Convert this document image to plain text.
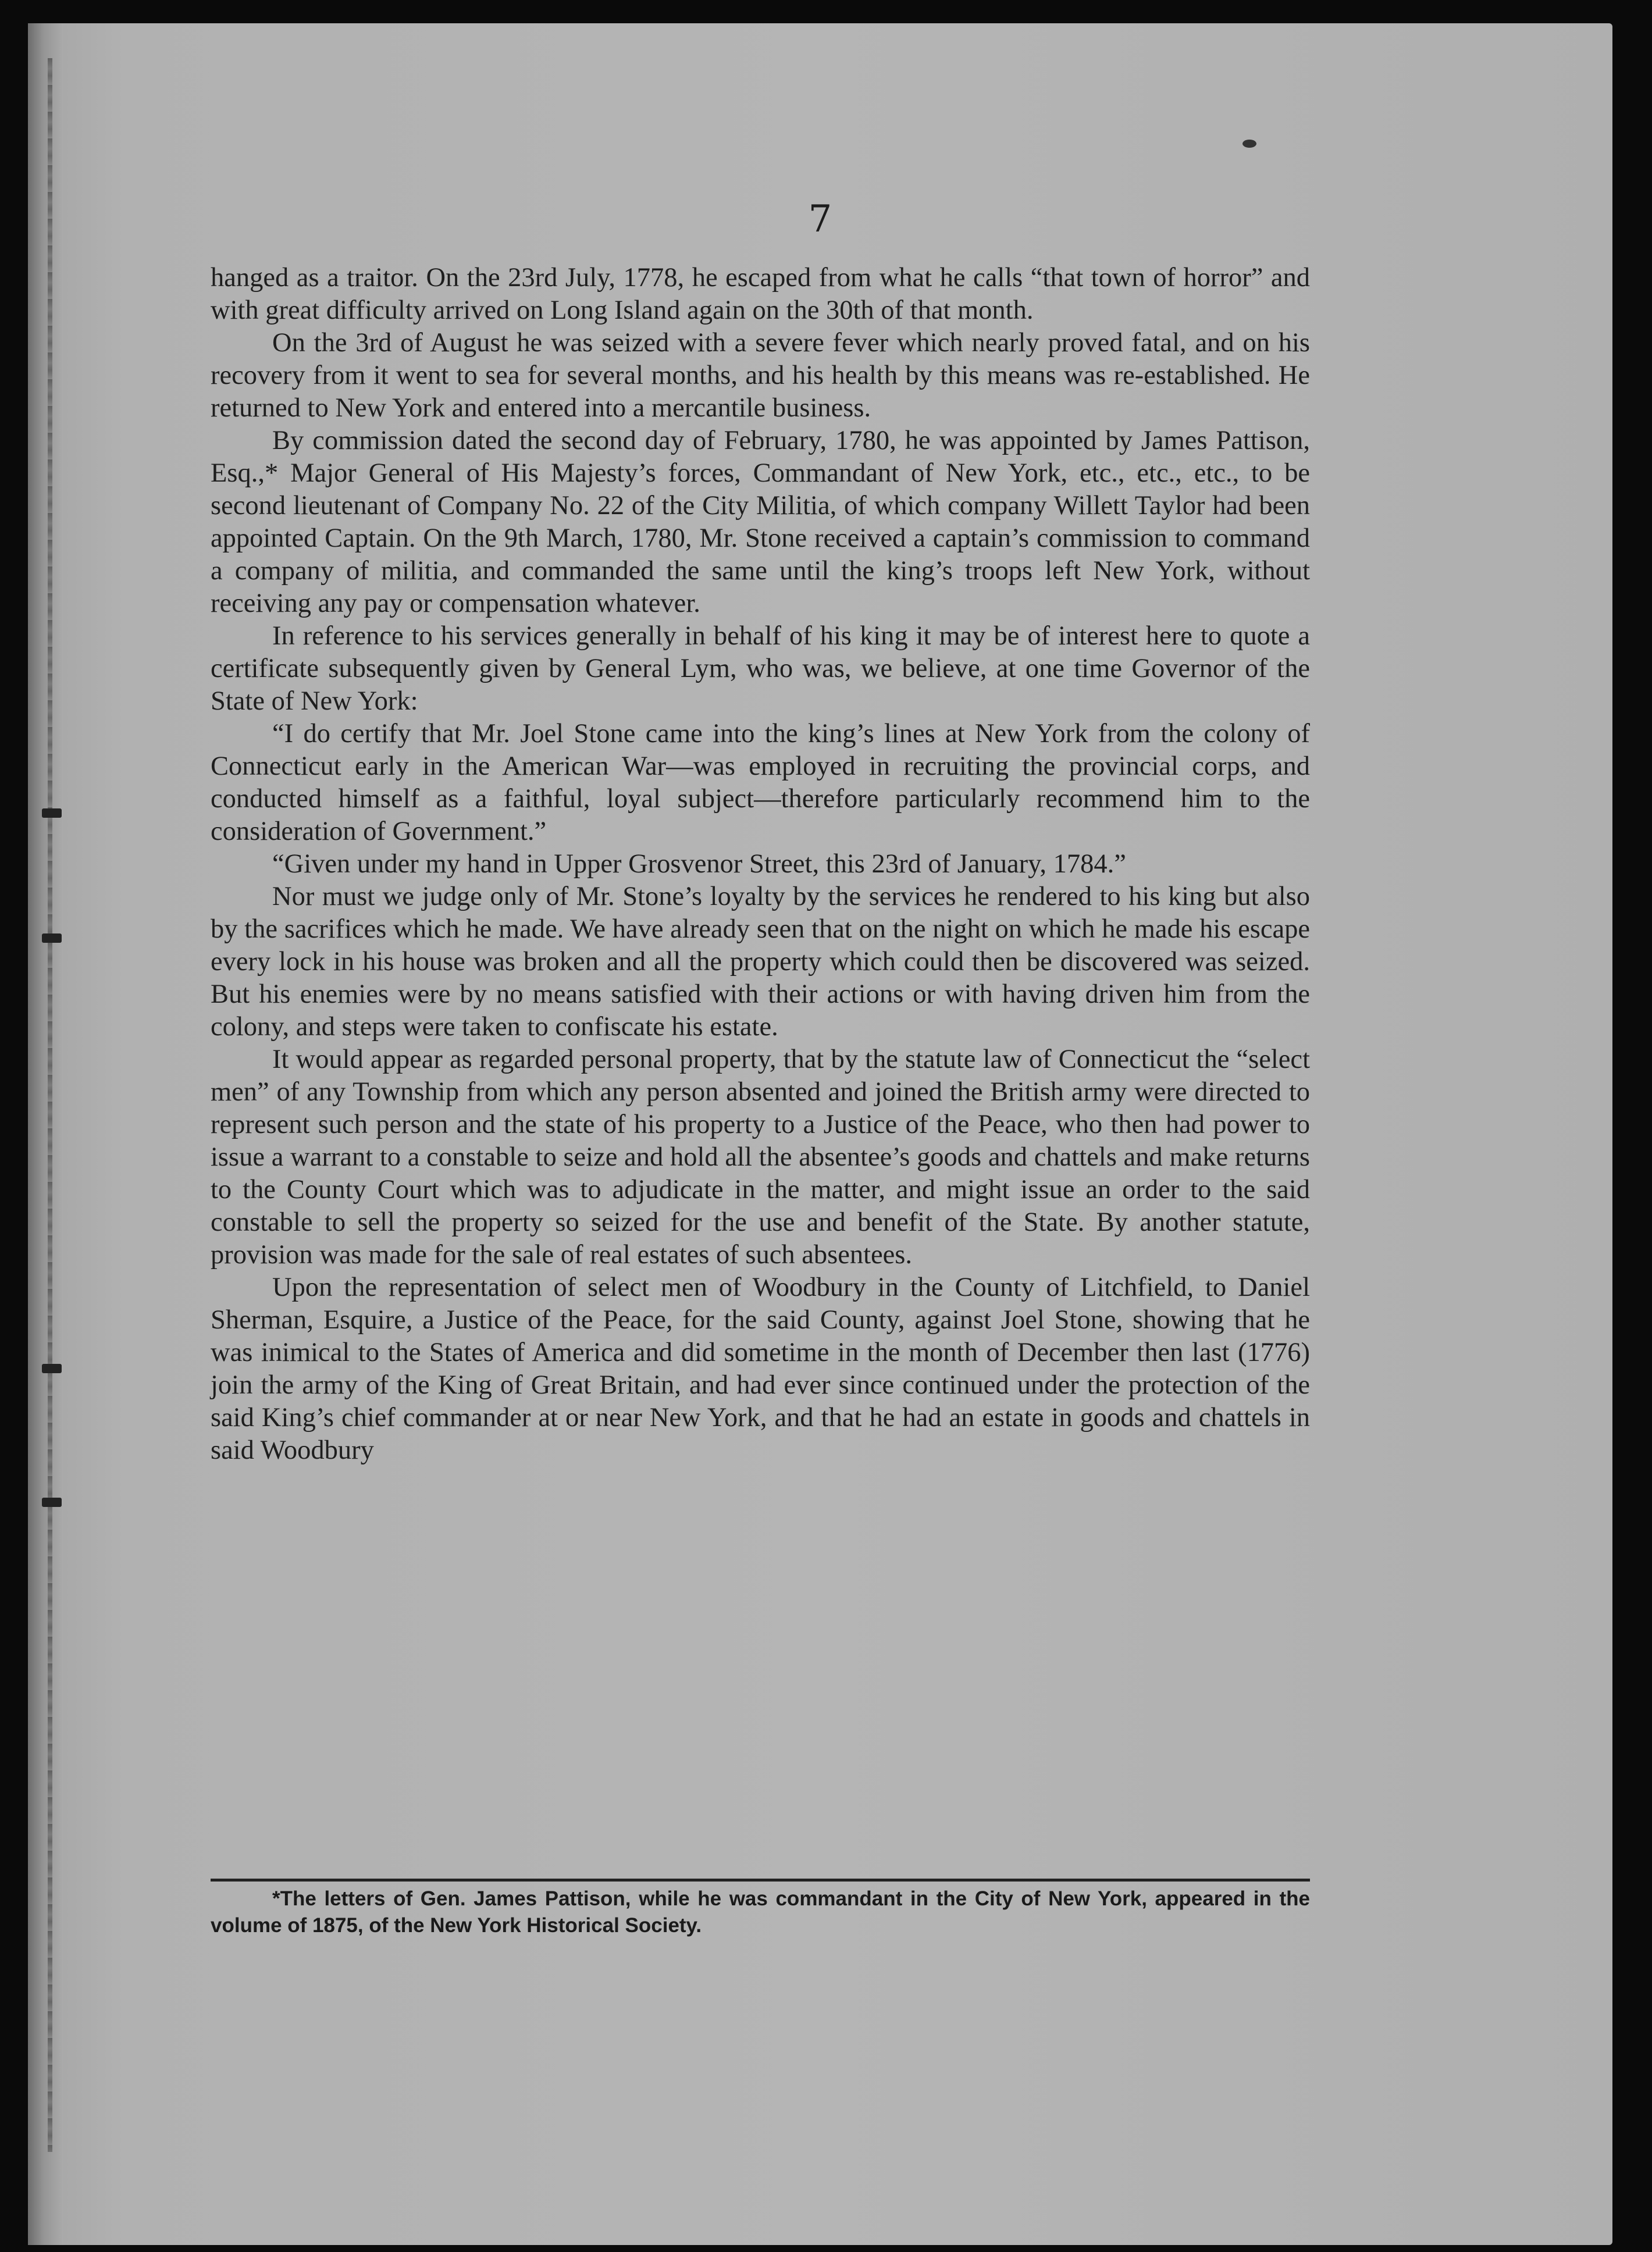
7

hanged as a traitor. On the 23rd July, 1778, he escaped from what he calls “that town of horror” and with great difficulty arrived on Long Island again on the 30th of that month.

On the 3rd of August he was seized with a severe fever which nearly proved fatal, and on his recovery from it went to sea for several months, and his health by this means was re-established. He returned to New York and entered into a mercantile business.

By commission dated the second day of February, 1780, he was appointed by James Pattison, Esq.,* Major General of His Majesty’s forces, Commandant of New York, etc., etc., etc., to be second lieutenant of Company No. 22 of the City Militia, of which company Willett Taylor had been appointed Captain. On the 9th March, 1780, Mr. Stone received a captain’s commission to command a company of militia, and commanded the same until the king’s troops left New York, without receiving any pay or compensation whatever.

In reference to his services generally in behalf of his king it may be of interest here to quote a certificate subsequently given by General Lym, who was, we believe, at one time Governor of the State of New York:

“I do certify that Mr. Joel Stone came into the king’s lines at New York from the colony of Connecticut early in the American War—was employed in recruiting the provincial corps, and conducted himself as a faithful, loyal subject—therefore particularly recommend him to the consideration of Government.”

“Given under my hand in Upper Grosvenor Street, this 23rd of January, 1784.”

Nor must we judge only of Mr. Stone’s loyalty by the services he rendered to his king but also by the sacrifices which he made. We have already seen that on the night on which he made his escape every lock in his house was broken and all the property which could then be discovered was seized. But his enemies were by no means satisfied with their actions or with having driven him from the colony, and steps were taken to confiscate his estate.

It would appear as regarded personal property, that by the statute law of Connecticut the “select men” of any Township from which any person absented and joined the British army were directed to represent such person and the state of his property to a Justice of the Peace, who then had power to issue a warrant to a constable to seize and hold all the absentee’s goods and chattels and make returns to the County Court which was to adjudicate in the matter, and might issue an order to the said constable to sell the property so seized for the use and benefit of the State. By another statute, provision was made for the sale of real estates of such absentees.

Upon the representation of select men of Woodbury in the County of Litchfield, to Daniel Sherman, Esquire, a Justice of the Peace, for the said County, against Joel Stone, showing that he was inimical to the States of America and did sometime in the month of December then last (1776) join the army of the King of Great Britain, and had ever since continued under the protection of the said King’s chief commander at or near New York, and that he had an estate in goods and chattels in said Woodbury

*The letters of Gen. James Pattison, while he was commandant in the City of New York, appeared in the volume of 1875, of the New York Historical Society.
